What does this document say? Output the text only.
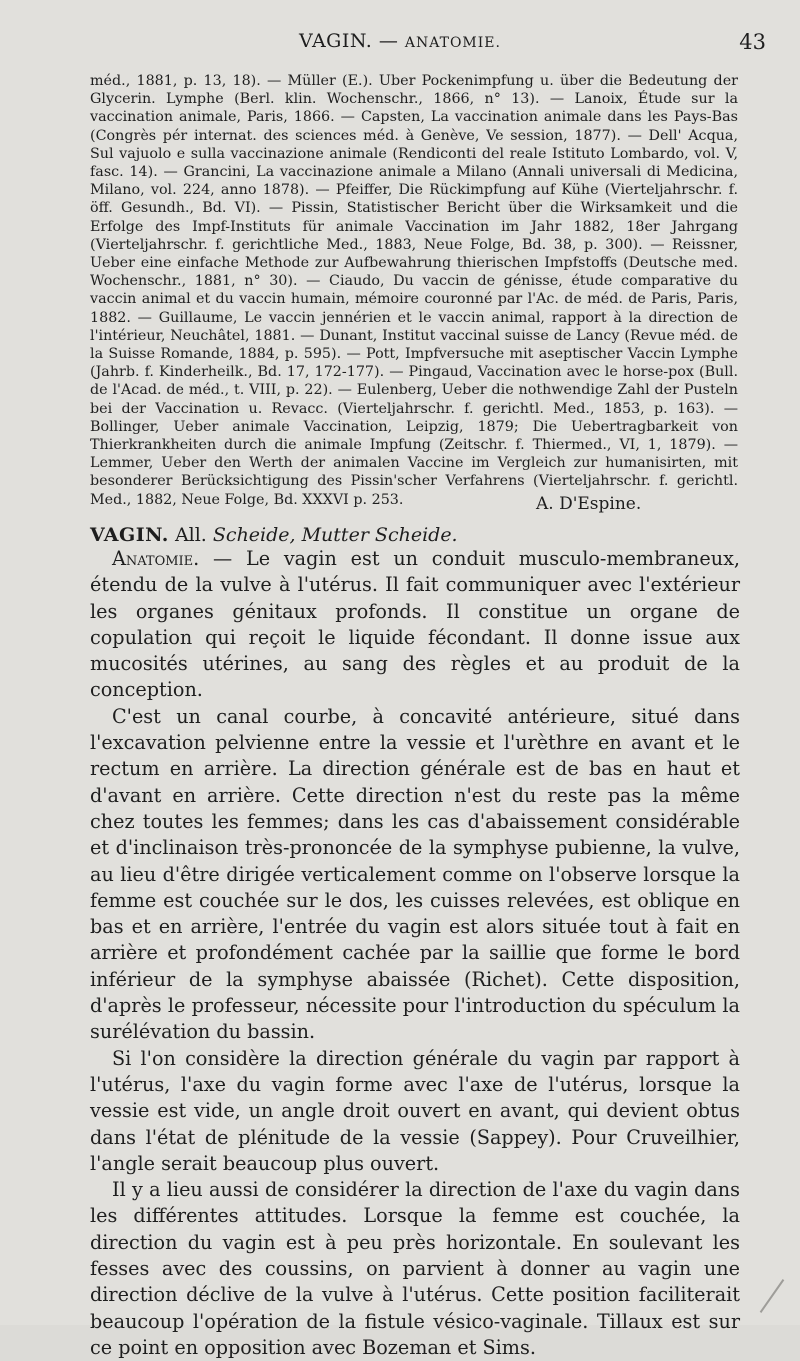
VAGIN. — ANATOMIE.	43

méd., 1881, p. 13, 18). — Müller (E.). Uber Pockenimpfung u. über die Bedeutung der Glycerin. Lymphe (Berl. klin. Wochenschr., 1866, n° 13). — Lanoix, Étude sur la vaccination animale, Paris, 1866. — Capsten, La vaccination animale dans les Pays-Bas (Congrès pér internat. des sciences méd. à Genève, Ve session, 1877). — Dell' Acqua, Sul vajuolo e sulla vaccinazione animale (Rendiconti del reale Istituto Lombardo, vol. V, fasc. 14). — Grancini, La vaccinazione animale a Milano (Annali universali di Medicina, Milano, vol. 224, anno 1878). — Pfeiffer, Die Rückimpfung auf Kühe (Vierteljahrschr. f. öff. Gesundh., Bd. VI). — Pissin, Statistischer Bericht über die Wirksamkeit und die Erfolge des Impf-Instituts für animale Vaccination im Jahr 1882, 18er Jahrgang (Vierteljahrschr. f. gerichtliche Med., 1883, Neue Folge, Bd. 38, p. 300). — Reissner, Ueber eine einfache Methode zur Aufbewahrung thierischen Impfstoffs (Deutsche med. Wochenschr., 1881, n° 30). — Ciaudo, Du vaccin de génisse, étude comparative du vaccin animal et du vaccin humain, mémoire couronné par l'Ac. de méd. de Paris, Paris, 1882. — Guillaume, Le vaccin jennérien et le vaccin animal, rapport à la direction de l'intérieur, Neuchâtel, 1881. — Dunant, Institut vaccinal suisse de Lancy (Revue méd. de la Suisse Romande, 1884, p. 595). — Pott, Impfversuche mit aseptischer Vaccin Lymphe (Jahrb. f. Kinderheilk., Bd. 17, 172-177). — Pingaud, Vaccination avec le horse-pox (Bull. de l'Acad. de méd., t. VIII, p. 22). — Eulenberg, Ueber die nothwendige Zahl der Pusteln bei der Vaccination u. Revacc. (Vierteljahrschr. f. gerichtl. Med., 1853, p. 163). — Bollinger, Ueber animale Vaccination, Leipzig, 1879; Die Uebertragbarkeit von Thierkrankheiten durch die animale Impfung (Zeitschr. f. Thiermed., VI, 1, 1879). — Lemmer, Ueber den Werth der animalen Vaccine im Vergleich zur humanisirten, mit besonderer Berücksichtigung des Pissin'scher Verfahrens (Vierteljahrschr. f. gerichtl. Med., 1882, Neue Folge, Bd. XXXVI p. 253.	A. D'Espine.
VAGIN. All. Scheide, Mutter Scheide.

Anatomie. — Le vagin est un conduit musculo-membraneux, étendu de la vulve à l'utérus. Il fait communiquer avec l'extérieur les organes génitaux profonds. Il constitue un organe de copulation qui reçoit le liquide fécondant. Il donne issue aux mucosités utérines, au sang des règles et au produit de la conception.

C'est un canal courbe, à concavité antérieure, situé dans l'excavation pelvienne entre la vessie et l'urèthre en avant et le rectum en arrière. La direction générale est de bas en haut et d'avant en arrière. Cette direction n'est du reste pas la même chez toutes les femmes; dans les cas d'abaissement considérable et d'inclinaison très-prononcée de la symphyse pubienne, la vulve, au lieu d'être dirigée verticalement comme on l'observe lorsque la femme est couchée sur le dos, les cuisses relevées, est oblique en bas et en arrière, l'entrée du vagin est alors située tout à fait en arrière et profondément cachée par la saillie que forme le bord inférieur de la symphyse abaissée (Richet). Cette disposition, d'après le professeur, nécessite pour l'introduction du spéculum la surélévation du bassin.

Si l'on considère la direction générale du vagin par rapport à l'utérus, l'axe du vagin forme avec l'axe de l'utérus, lorsque la vessie est vide, un angle droit ouvert en avant, qui devient obtus dans l'état de plénitude de la vessie (Sappey). Pour Cruveilhier, l'angle serait beaucoup plus ouvert.

Il y a lieu aussi de considérer la direction de l'axe du vagin dans les différentes attitudes. Lorsque la femme est couchée, la direction du vagin est à peu près horizontale. En soulevant les fesses avec des coussins, on parvient à donner au vagin une direction déclive de la vulve à l'utérus. Cette position faciliterait beaucoup l'opération de la fistule vésico-vaginale. Tillaux est sur ce point en opposition avec Bozeman et Sims.
